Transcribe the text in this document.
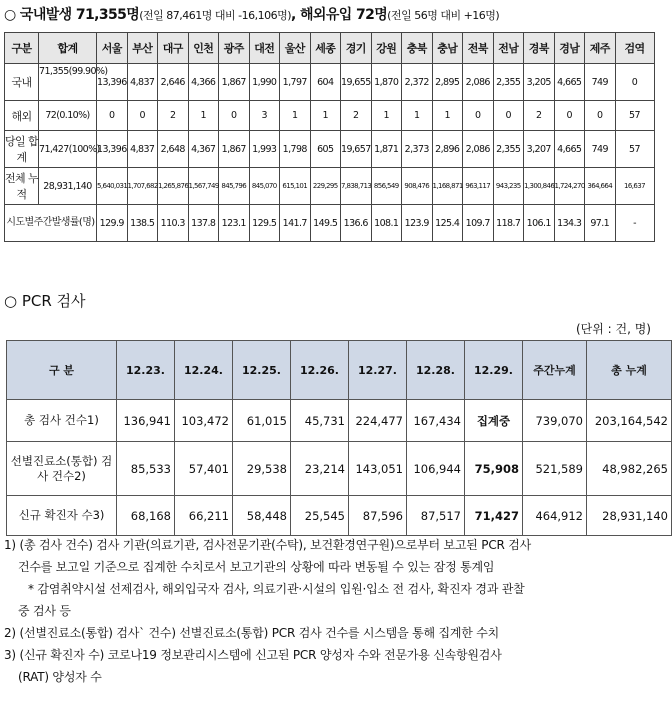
○ 국내발생 71,355명(전일 87,461명 대비 -16,106명), 해외유입 72명(전일 56명 대비 +16명)
구분	합계	서울	부산	대구	인천	광주	대전	울산	세종	경기	강원	충북	충남	전북	전남	경북	경남	제주	검역
국내	71,355(99.90%)	13,396	4,837	2,646	4,366	1,867	1,990	1,797	604	19,655	1,870	2,372	2,895	2,086	2,355	3,205	4,665	749	0
해외	72(0.10%)	0	0	2	1	0	3	1	1	2	1	1	1	0	0	2	0	0	57
당일 합계	71,427(100%)	13,396	4,837	2,648	4,367	1,867	1,993	1,798	605	19,657	1,871	2,373	2,896	2,086	2,355	3,207	4,665	749	57
전체 누적	28,931,140	5,640,031	1,707,682	1,265,876	1,567,749	845,796	845,070	615,101	229,295	7,838,713	856,549	908,476	1,168,871	963,117	943,235	1,300,846	1,724,270	364,664	16,637
시도별주간발생률(명)		129.9	138.5	110.3	137.8	123.1	129.5	141.7	149.5	136.6	108.1	123.9	125.4	109.7	118.7	106.1	134.3	97.1	-
○ PCR 검사
(단위 : 건, 명)
구 분	12.23.	12.24.	12.25.	12.26.	12.27.	12.28.	12.29.	주간누계	총 누계
총 검사 건수1)	136,941	103,472	61,015	45,731	224,477	167,434	집계중	739,070	203,164,542
선별진료소(통합) 검사 건수2)	85,533	57,401	29,538	23,214	143,051	106,944	75,908	521,589	48,982,265
신규 확진자 수3)	68,168	66,211	58,448	25,545	87,596	87,517	71,427	464,912	28,931,140
1) (총 검사 건수) 검사 기관(의료기관, 검사전문기관(수탁), 보건환경연구원)으로부터 보고된 PCR 검사
건수를 보고일 기준으로 집계한 수치로서 보고기관의 상황에 따라 변동될 수 있는 잠정 통계임
* 감염취약시설 선제검사, 해외입국자 검사, 의료기관·시설의 입원·입소 전 검사, 확진자 경과 관찰
중 검사 등
2) (선별진료소(통합) 검사` 건수) 선별진료소(통합) PCR 검사 건수를 시스템을 통해 집계한 수치
3) (신규 확진자 수) 코로나19 정보관리시스템에 신고된 PCR 양성자 수와 전문가용 신속항원검사
(RAT) 양성자 수
